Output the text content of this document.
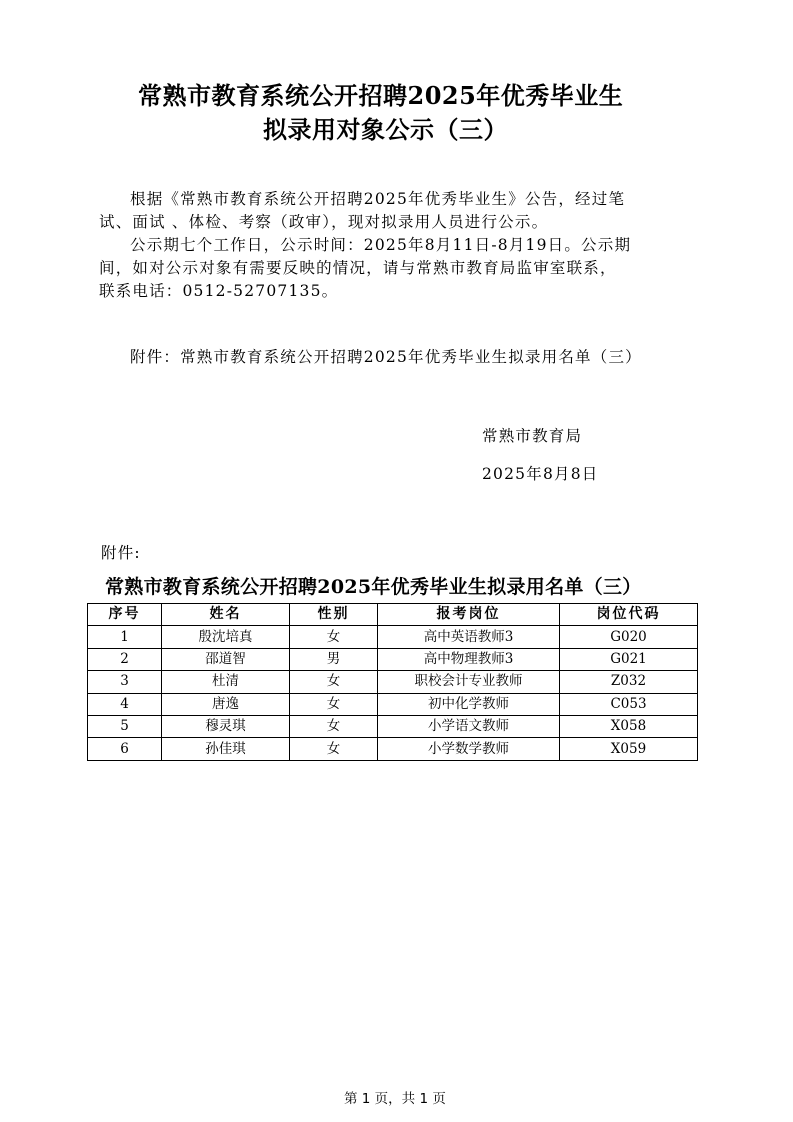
常熟市教育系统公开招聘2025年优秀毕业生
拟录用对象公示（三）
根据《常熟市教育系统公开招聘2025年优秀毕业生》公告，经过笔
试、面试 、体检、考察（政审），现对拟录用人员进行公示。
公示期七个工作日，公示时间：2025年8月11日-8月19日。公示期
间，如对公示对象有需要反映的情况，请与常熟市教育局监审室联系，
联系电话：0512-52707135。
附件：常熟市教育系统公开招聘2025年优秀毕业生拟录用名单（三）
常熟市教育局
2025年8月8日
附件:
常熟市教育系统公开招聘2025年优秀毕业生拟录用名单（三）
序号	姓名	性别	报考岗位	岗位代码
1	殷沈培真	女	高中英语教师3	G020
2	邵道智	男	高中物理教师3	G021
3	杜清	女	职校会计专业教师	Z032
4	唐逸	女	初中化学教师	C053
5	穆灵琪	女	小学语文教师	X058
6	孙佳琪	女	小学数学教师	X059
第 1 页，共 1 页
